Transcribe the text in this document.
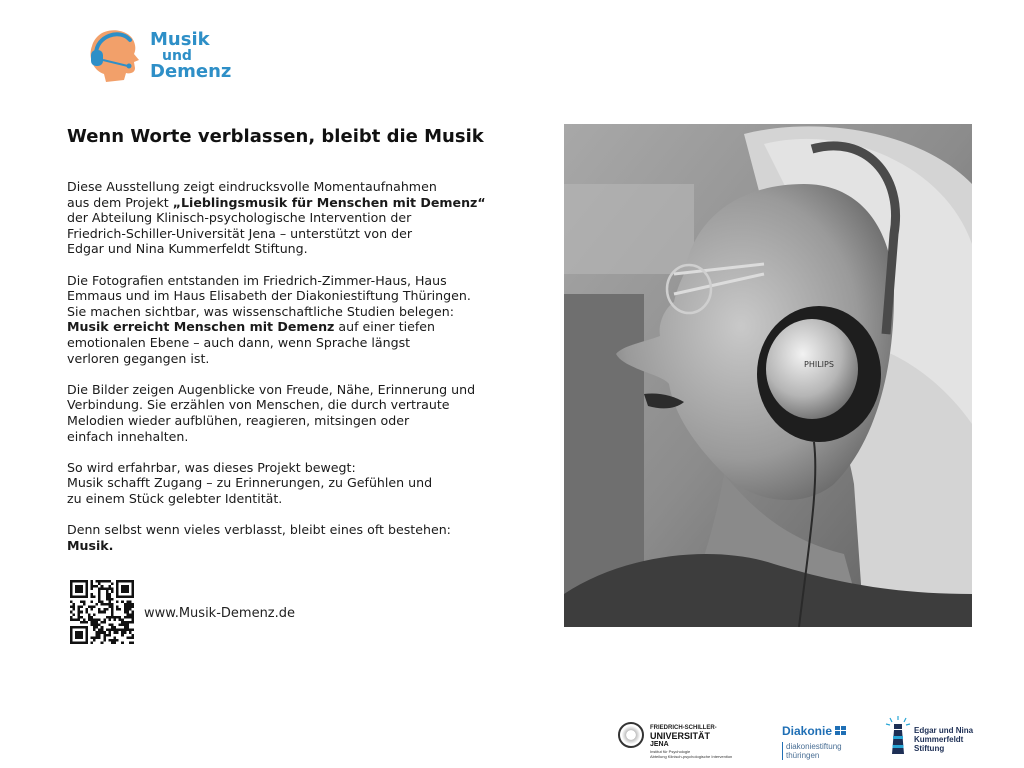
Musik
und
Demenz
Wenn Worte verblassen, bleibt die Musik

Diese Ausstellung zeigt eindrucksvolle Momentaufnahmen
aus dem Projekt „Lieblingsmusik für Menschen mit Demenz“
der Abteilung Klinisch-psychologische Intervention der
Friedrich-Schiller-Universität Jena – unterstützt von der
Edgar und Nina Kummerfeldt Stiftung.

Die Fotografien entstanden im Friedrich-Zimmer-Haus, Haus
Emmaus und im Haus Elisabeth der Diakoniestiftung Thüringen.
Sie machen sichtbar, was wissenschaftliche Studien belegen:
Musik erreicht Menschen mit Demenz auf einer tiefen
emotionalen Ebene – auch dann, wenn Sprache längst
verloren gegangen ist.

Die Bilder zeigen Augenblicke von Freude, Nähe, Erinnerung und
Verbindung. Sie erzählen von Menschen, die durch vertraute
Melodien wieder aufblühen, reagieren, mitsingen oder
einfach innehalten.

So wird erfahrbar, was dieses Projekt bewegt:
Musik schafft Zugang – zu Erinnerungen, zu Gefühlen und
zu einem Stück gelebter Identität.

Denn selbst wenn vieles verblasst, bleibt eines oft bestehen:
Musik.

www.Musik-Demenz.de
PHILIPS
FRIEDRICH-SCHILLER-
UNIVERSITÄT
JENA
Institut für Psychologie
Abteilung Klinisch-psychologische Intervention
Diakonie
diakoniestiftung
thüringen
Edgar und Nina
Kummerfeldt
Stiftung
